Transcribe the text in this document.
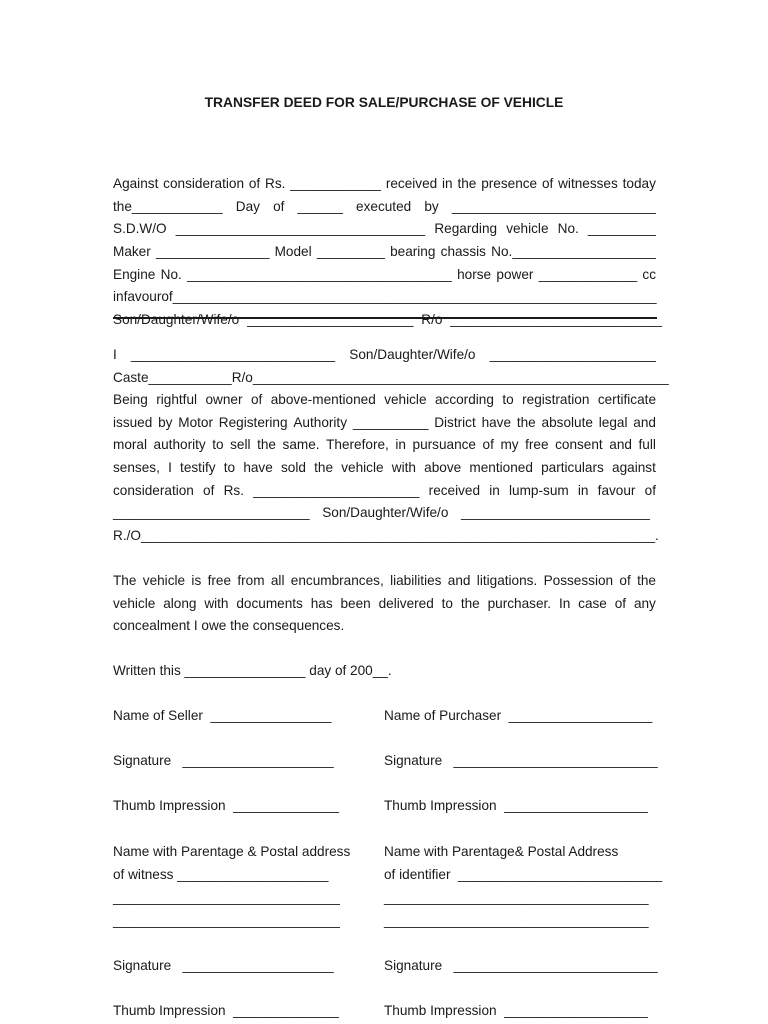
TRANSFER DEED FOR SALE/PURCHASE OF VEHICLE

Against consideration of Rs. ____________ received in the presence of witnesses today

the____________ Day of ______ executed by ___________________________

S.D.W/O _________________________________ Regarding vehicle No. _________

Maker _______________ Model _________ bearing chassis No.___________________

Engine No. ___________________________________ horse power _____________ cc

in favour of ________________________________________________________________

Son/Daughter/Wife/o ______________________ R/o ____________________________

I ___________________________ Son/Daughter/Wife/o ______________________
Caste ___________ R/o _______________________________________________________
Being rightful owner of above-mentioned vehicle according to registration certificate
issued by Motor Registering Authority __________ District have the absolute legal and
moral authority to sell the same. Therefore, in pursuance of my free consent and full
senses, I testify to have sold the vehicle with above mentioned particulars against
consideration of Rs. ______________________ received in lump-sum in favour of
__________________________ Son/Daughter/Wife/o _________________________
R./O ____________________________________________________________________.
The vehicle is free from all encumbrances, liabilities and litigations. Possession of the
vehicle along with documents has been delivered to the purchaser. In case of any
concealment I owe the consequences.
Written this ________________ day of 200__.
Name of Seller  ________________	Name of Purchaser  ___________________
Signature   ____________________	Signature   ___________________________
Thumb Impression  ______________	Thumb Impression  ___________________
Name with Parentage & Postal address Name with Parentage& Postal Address
of witness ____________________	of identifier  ___________________________
______________________________	___________________________________
______________________________	___________________________________
Signature   ____________________	Signature   ___________________________
Thumb Impression  ______________	Thumb Impression  ___________________
